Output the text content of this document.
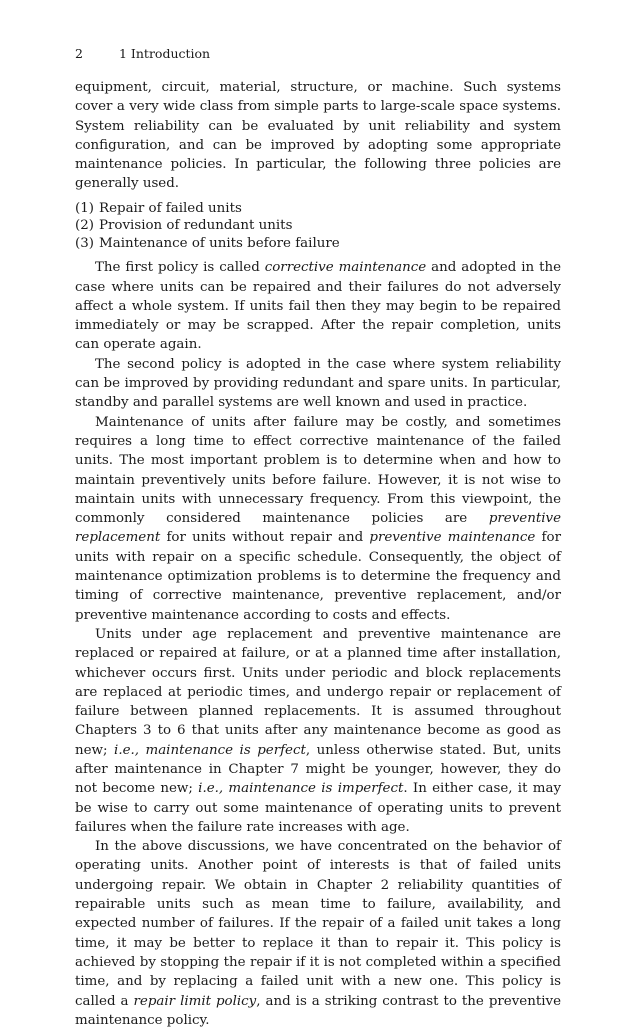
2	1 Introduction

equipment, circuit, material, structure, or machine. Such systems cover a very wide class from simple parts to large-scale space systems. System reliability can be evaluated by unit reliability and system configuration, and can be improved by adopting some appropriate maintenance policies. In particular, the following three policies are generally used.

(1) Repair of failed units
(2) Provision of redundant units
(3) Maintenance of units before failure

The first policy is called corrective maintenance and adopted in the case where units can be repaired and their failures do not adversely affect a whole system. If units fail then they may begin to be repaired immediately or may be scrapped. After the repair completion, units can operate again.

The second policy is adopted in the case where system reliability can be improved by providing redundant and spare units. In particular, standby and parallel systems are well known and used in practice.

Maintenance of units after failure may be costly, and sometimes requires a long time to effect corrective maintenance of the failed units. The most important problem is to determine when and how to maintain preventively units before failure. However, it is not wise to maintain units with unnecessary frequency. From this viewpoint, the commonly considered maintenance policies are preventive replacement for units without repair and preventive maintenance for units with repair on a specific schedule. Consequently, the object of maintenance optimization problems is to determine the frequency and timing of corrective maintenance, preventive replacement, and/or preventive maintenance according to costs and effects.

Units under age replacement and preventive maintenance are replaced or repaired at failure, or at a planned time after installation, whichever occurs first. Units under periodic and block replacements are replaced at periodic times, and undergo repair or replacement of failure between planned replacements. It is assumed throughout Chapters 3 to 6 that units after any maintenance become as good as new; i.e., maintenance is perfect, unless otherwise stated. But, units after maintenance in Chapter 7 might be younger, however, they do not become new; i.e., maintenance is imperfect. In either case, it may be wise to carry out some maintenance of operating units to prevent failures when the failure rate increases with age.

In the above discussions, we have concentrated on the behavior of operating units. Another point of interests is that of failed units undergoing repair. We obtain in Chapter 2 reliability quantities of repairable units such as mean time to failure, availability, and expected number of failures. If the repair of a failed unit takes a long time, it may be better to replace it than to repair it. This policy is achieved by stopping the repair if it is not completed within a specified time, and by replacing a failed unit with a new one. This policy is called a repair limit policy, and is a striking contrast to the preventive maintenance policy.
